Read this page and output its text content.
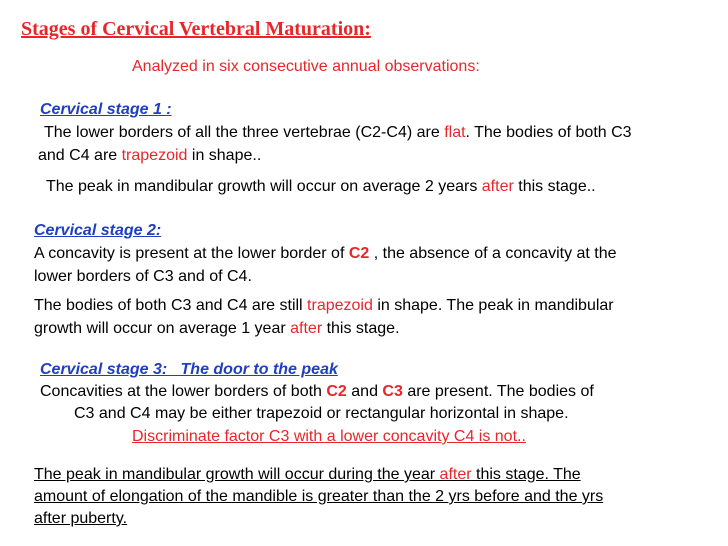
Stages of Cervical Vertebral Maturation:
Analyzed in six consecutive annual observations:
Cervical stage 1 :
The lower borders of all the three vertebrae (C2-C4) are flat. The bodies of both C3
and C4 are trapezoid in shape..
The peak in mandibular growth will occur on average 2 years after this stage..
Cervical stage 2:
A concavity is present at the lower border of C2 , the absence of a concavity at the
lower borders of C3 and of C4.
The bodies of both C3 and C4 are still trapezoid in shape. The peak in mandibular
growth will occur on average 1 year after this stage.
Cervical stage 3:   The door to the peak
Concavities at the lower borders of both C2 and C3 are present. The bodies of
C3 and C4 may be either trapezoid or rectangular horizontal in shape.
Discriminate factor C3 with a lower concavity C4 is not..
The peak in mandibular growth will occur during the year after this stage. The
amount of elongation of the mandible is greater than the 2 yrs before and the yrs
after puberty.
